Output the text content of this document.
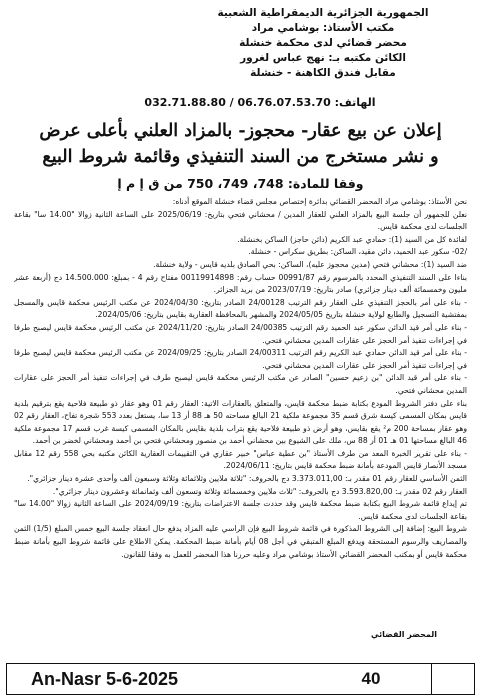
الجمهورية الجزائرية الديمقراطية الشعبية
مكتب الأستاذ: بوشامي مراد
محضر قضائي لدى محكمة خنشلة
الكائن مكتبه بـ: نهج عباس لغرور
مقابل فندق الكاهنة - خنشلة
الهاتف: 06.76.07.53.70 / 032.71.88.80
إعلان عن بيع عقار- محجوز- بالمزاد العلني بأعلى عرض
و نشر مستخرج من السند التنفيذي وقائمة شروط البيع
وفقا للمادة: 748، 749، 750 من ق إ م إ

نحن الأستاذ: بوشامي مراد المحضر القضائي بدائرة إختصاص مجلس قضاء خنشلة الموقع أدناه:

نعلن للجمهور أن جلسة البيع بالمزاد العلني للعقار المدين / محشاني فتحي بتاريخ: 2025/06/19 على الساعة الثانية زوالا "14.00 سا" بقاعة الجلسات لدى محكمة قايس.

لفائدة كل من السيد (1): حمادي عبد الكريم (دائن حاجز) الساكن بخنشلة.

/02- سكور عبد الحميد، دائن مقيد، الساكن: بطريق سكراس - خنشلة.

ضد السيد (1): محشاني فتحي (مدين محجوز عليه)، الساكن: بحي الصادق بلديه قايس - ولاية خنشلة.

بناءا على السند التنفيذي المحدد بالمرسوم رقم 00991/87 حساب رقم: 00119914898 مفتاح رقم 4 - بمبلغ: 14.500.000 دج (أربعة عشر مليون وخمسمائة ألف دينار جزائري) صادر بتاريخ: 2023/07/19 من بريد الجزائر.

- بناء على أمر بالحجز التنفيذي على العقار رقم الترتيب 24/00128 الصادر بتاريخ: 2024/04/30 عن مكتب الرئيس محكمة قايس والمسجل بمفتشية التسجيل والطابع لولاية خنشلة بتاريخ 2024/05/05 والمشهر بالمحافظة العقارية بقايس بتاريخ: 2024/05/06.

- بناء على أمر قيد الدائن سكور عبد الحميد رقم الترتيب 24/00385 الصادر بتاريخ: 2024/11/20 عن مكتب الرئيس محكمة قايس ليصبح طرفا في إجراءات تنفيذ أمر الحجز على عقارات المدين محشاني فتحي.

- بناء على أمر قيد الدائن حمادي عبد الكريم رقم الترتيب 24/00311 الصادر بتاريخ: 2024/09/25 عن مكتب الرئيس محكمة قايس ليصبح طرفا في إجراءات تنفيذ أمر الحجز على عقارات المدين محشاني فتحي.

- بناء على أمر قيد الدائن "بن زعيم حسين" الصادر عن مكتب الرئيس محكمة قايس ليصبح طرف في إجراءات تنفيذ أمر الحجز على عقارات المدين محشاني فتحي.

بناء على دفتر الشروط المودع بكتابة ضبط محكمة قايس، والمتعلق بالعقارات الاتية: العقار رقم 01 وهو عقار ذو طبيعة فلاحية يقع بترقيم بلدية قايس بمكان المسمى كيسة شرق قسم 35 مجموعة ملكية 21 البالغ مساحته 50 هـ 88 أر 13 سا، يستغل بعدد 553 شجرة تفاح، العقار رقم 02 وهو عقار بمساحة 200 م² يقع بقايس، وهو أرض ذو طبيعة فلاحية يقع بتراب بلدية بقايس بالمكان المسمى كيسة غرب قسم 17 مجموعة ملكية 46 البالغ مساحتها 01 هـ 01 أر 88 س، ملك على الشيوع بين محشاني أحمد بن منصور ومحشاني فتحي بن أحمد ومحشاني لخضر بن أحمد.

- بناء على تقرير الخبرة المعد من طرف الأستاذ "بن عطية عباس" خبير عقاري في التقييمات العقارية الكائن مكتبه بحي 558 رقم 12 مقابل مسجد الأنصار قايس المودعة بأمانة ضبط محكمة قايس بتاريخ: 2024/06/11.

الثمن الأساسي للعقار رقم 01 مقدر بـ: 3.373.011,00 دج بالحروف: "ثلاثة ملايين وثلاثمائة وثلاثة وسبعون ألف وأحدى عشرة دينار جزائري".

العقار رقم 02 مقدر بـ: 3.593.820,00 دج بالحروف: "ثلاث ملايين وخمسمائة وثلاثة وتسعون ألف وثمانمائة وعشرون دينار جزائري".

تم إيداع قائمة شروط البيع بكتابة ضبط محكمة قايس وقد حددت جلسة الاعتراضات بتاريخ: 2024/09/19 على الساعة الثانية زوالا "14.00 سا" بقاعة الجلسات لدى محكمة قايس.

شروط البيع: إضافة إلى الشروط المذكورة في قائمة شروط البيع فإن الراسي عليه المزاد يدفع حال انعقاد جلسة البيع خمس المبلغ (1/5) الثمن والمصاريف والرسوم المستحقة ويدفع المبلغ المتبقي في أجل 08 أيام بأمانة ضبط المحكمة. يمكن الاطلاع على قائمة شروط البيع بأمانة ضبط محكمة قايس أو بمكتب المحضر القضائي الأستاذ بوشامي مراد وعليه حررنا هذا المحضر للعمل به وفقا للقانون.

المحضر القضائي
An-Nasr 5-6-2025	40
